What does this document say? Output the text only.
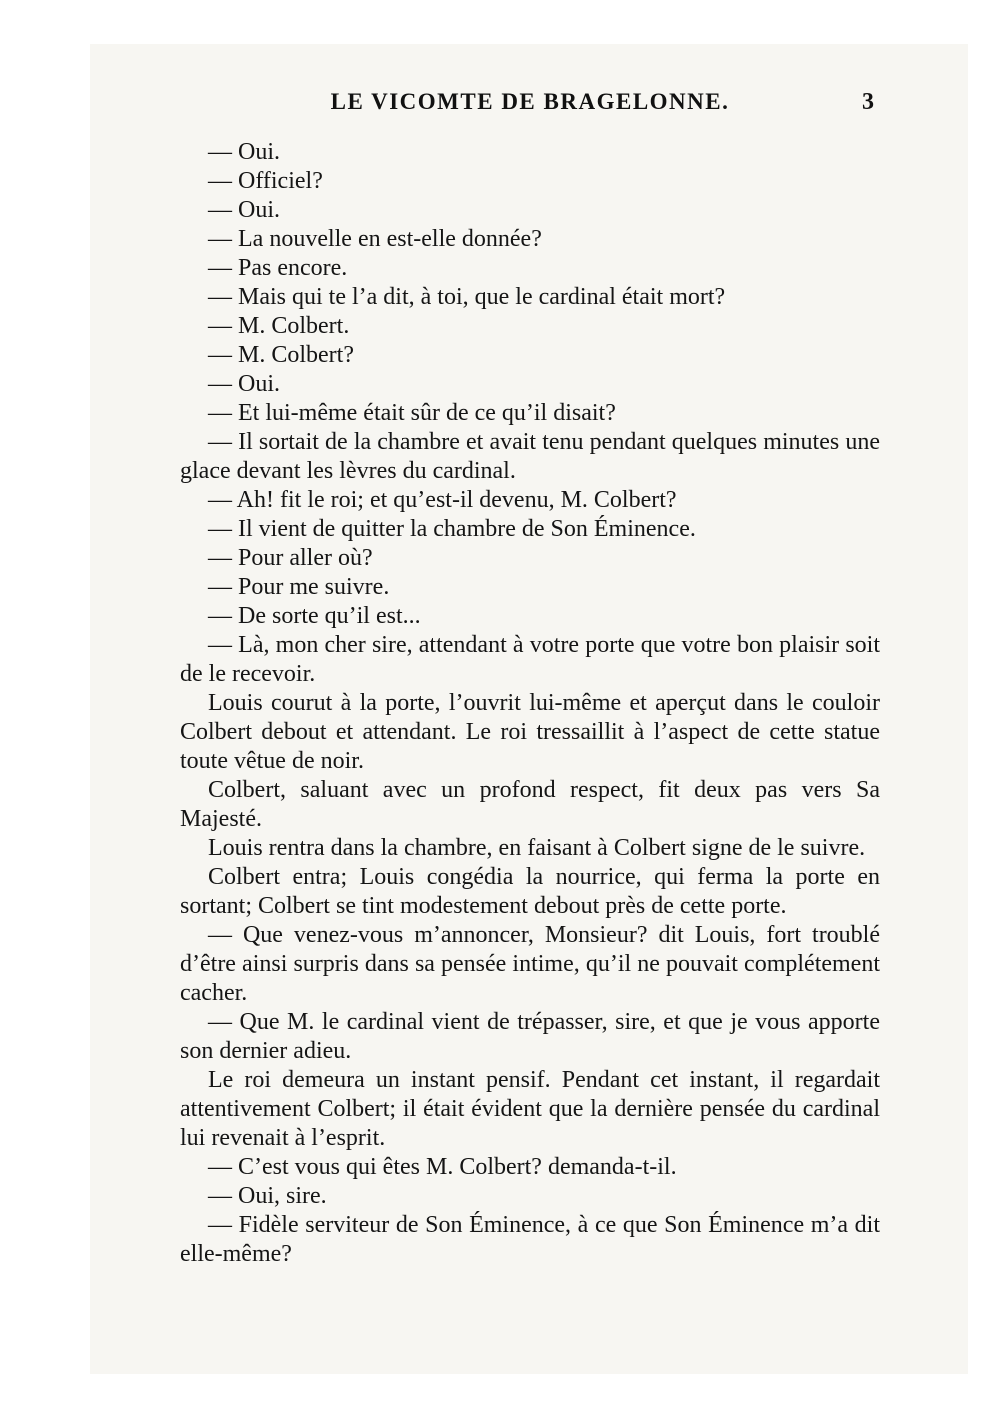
LE VICOMTE DE BRAGELONNE.	3

— Oui.

— Officiel?

— Oui.

— La nouvelle en est-elle donnée?

— Pas encore.

— Mais qui te l’a dit, à toi, que le cardinal était mort?

— M. Colbert.

— M. Colbert?

— Oui.

— Et lui-même était sûr de ce qu’il disait?

— Il sortait de la chambre et avait tenu pendant quelques minutes une glace devant les lèvres du cardinal.

— Ah! fit le roi; et qu’est-il devenu, M. Colbert?

— Il vient de quitter la chambre de Son Éminence.

— Pour aller où?

— Pour me suivre.

— De sorte qu’il est...

— Là, mon cher sire, attendant à votre porte que votre bon plaisir soit de le recevoir.

Louis courut à la porte, l’ouvrit lui-même et aperçut dans le couloir Colbert debout et attendant. Le roi tressaillit à l’aspect de cette statue toute vêtue de noir.

Colbert, saluant avec un profond respect, fit deux pas vers Sa Majesté.

Louis rentra dans la chambre, en faisant à Colbert signe de le suivre.

Colbert entra; Louis congédia la nourrice, qui ferma la porte en sortant; Colbert se tint modestement debout près de cette porte.

— Que venez-vous m’annoncer, Monsieur? dit Louis, fort troublé d’être ainsi surpris dans sa pensée intime, qu’il ne pouvait complétement cacher.

— Que M. le cardinal vient de trépasser, sire, et que je vous apporte son dernier adieu.

Le roi demeura un instant pensif. Pendant cet instant, il regardait attentivement Colbert; il était évident que la dernière pensée du cardinal lui revenait à l’esprit.

— C’est vous qui êtes M. Colbert? demanda-t-il.

— Oui, sire.

— Fidèle serviteur de Son Éminence, à ce que Son Éminence m’a dit elle-même?
